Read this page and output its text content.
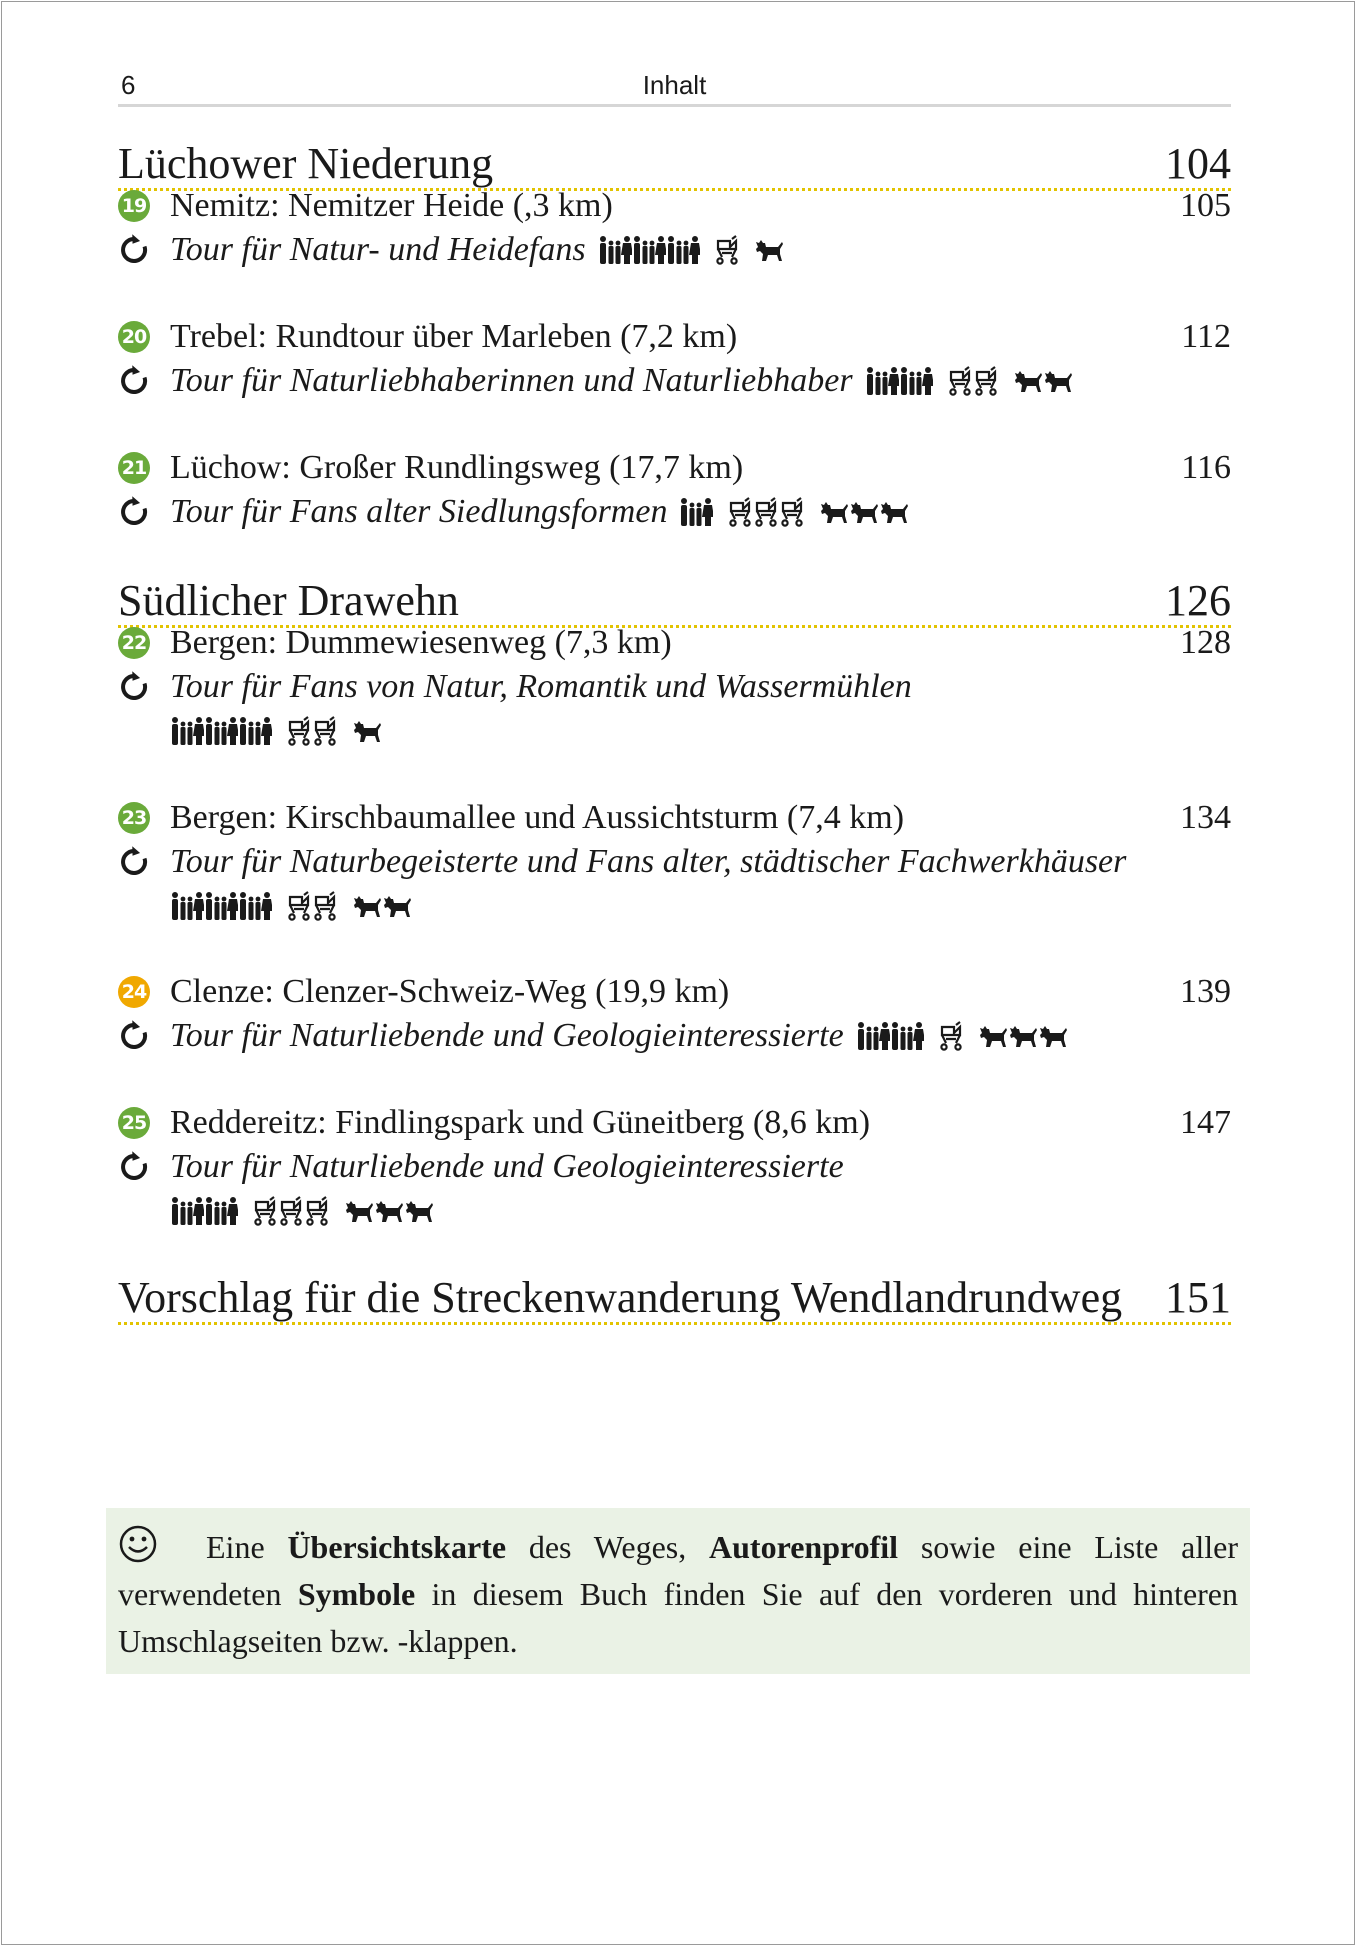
6	Inhalt
Lüchower Niederung	104
19 Nemitz: Nemitzer Heide (,3 km)	105
Tour für Natur- und Heidefans
20 Trebel: Rundtour über Marleben (7,2 km)	112
Tour für Naturliebhaberinnen und Naturliebhaber
21 Lüchow: Großer Rundlingsweg (17,7 km)	116
Tour für Fans alter Siedlungsformen
Südlicher Drawehn	126
22 Bergen: Dummewiesenweg (7,3 km)	128
Tour für Fans von Natur, Romantik und Wassermühlen
23 Bergen: Kirschbaumallee und Aussichtsturm (7,4 km)	134
Tour für Naturbegeisterte und Fans alter, städtischer Fachwerkhäuser
24 Clenze: Clenzer-Schweiz-Weg (19,9 km)	139
Tour für Naturliebende und Geologieinteressierte
25 Reddereitz: Findlingspark und Güneitberg (8,6 km)	147
Tour für Naturliebende und Geologieinteressierte
Vorschlag für die Streckenwanderung Wendlandrundweg 151
Eine Übersichtskarte des Weges, Autorenprofil sowie eine Liste aller verwendeten Symbole in diesem Buch finden Sie auf den vorderen und hinteren Umschlagseiten bzw. -klappen.
